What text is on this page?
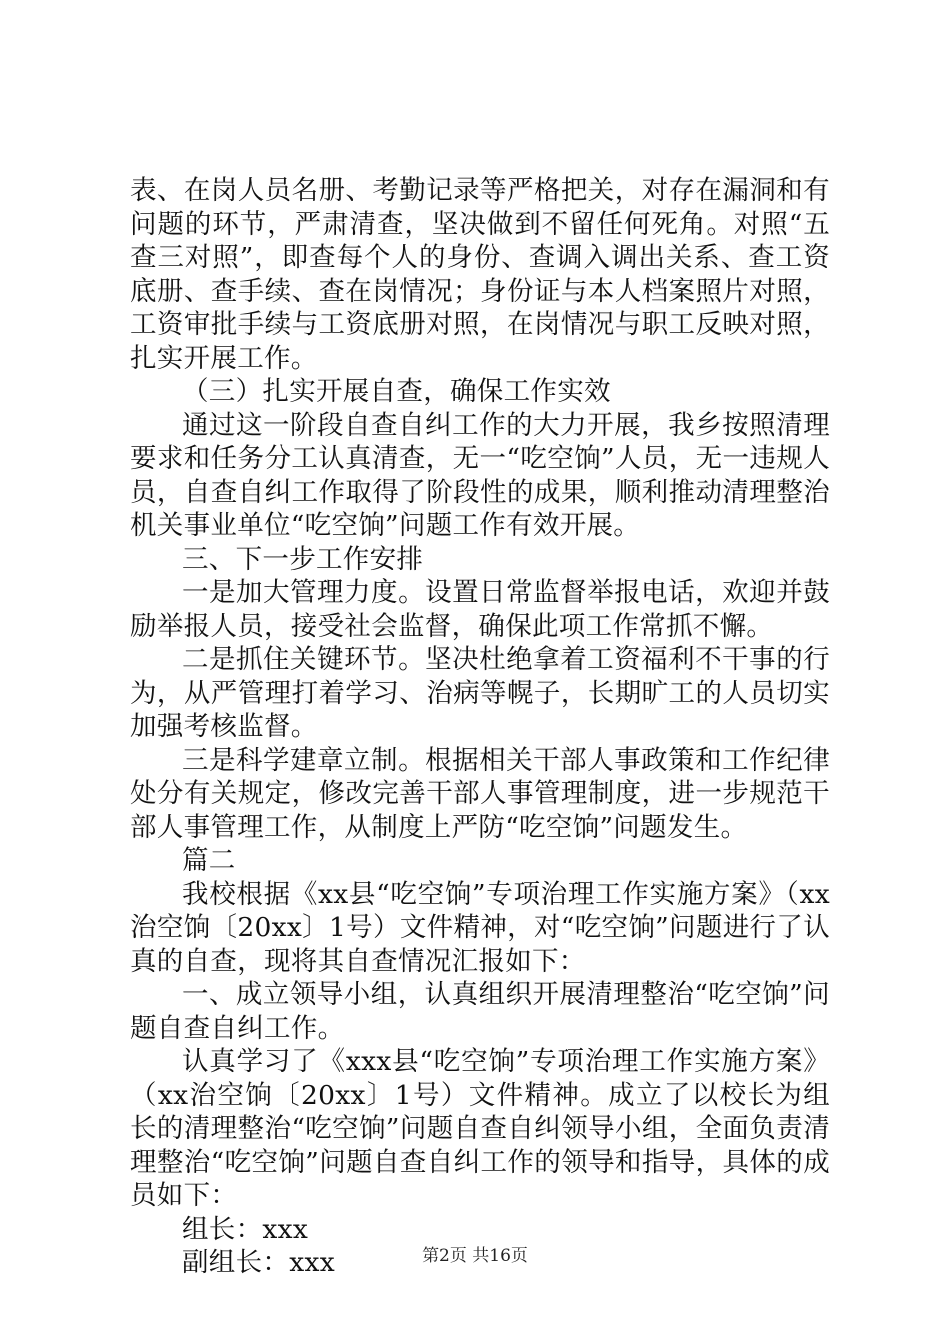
表、在岗人员名册、考勤记录等严格把关，对存在漏洞和有问题的环节，严肃清查，坚决做到不留任何死角。对照“五查三对照”，即查每个人的身份、查调入调出关系、查工资底册、查手续、查在岗情况；身份证与本人档案照片对照，工资审批手续与工资底册对照，在岗情况与职工反映对照，扎实开展工作。

（三）扎实开展自查，确保工作实效

通过这一阶段自查自纠工作的大力开展，我乡按照清理要求和任务分工认真清查，无一“吃空饷”人员，无一违规人员，自查自纠工作取得了阶段性的成果，顺利推动清理整治机关事业单位“吃空饷”问题工作有效开展。

三、下一步工作安排

一是加大管理力度。设置日常监督举报电话，欢迎并鼓励举报人员，接受社会监督，确保此项工作常抓不懈。

二是抓住关键环节。坚决杜绝拿着工资福利不干事的行为，从严管理打着学习、治病等幌子，长期旷工的人员切实加强考核监督。

三是科学建章立制。根据相关干部人事政策和工作纪律处分有关规定，修改完善干部人事管理制度，进一步规范干部人事管理工作，从制度上严防“吃空饷”问题发生。

篇二

我校根据《xx县“吃空饷”专项治理工作实施方案》（xx治空饷〔20xx〕1号）文件精神，对“吃空饷”问题进行了认真的自查，现将其自查情况汇报如下：

一、成立领导小组，认真组织开展清理整治“吃空饷”问题自查自纠工作。

认真学习了《xxx县“吃空饷”专项治理工作实施方案》（xx治空饷〔20xx〕1号）文件精神。成立了以校长为组长的清理整治“吃空饷”问题自查自纠领导小组，全面负责清理整治“吃空饷”问题自查自纠工作的领导和指导，具体的成员如下：

组长：xxx

副组长：xxx	第2页 共16页
